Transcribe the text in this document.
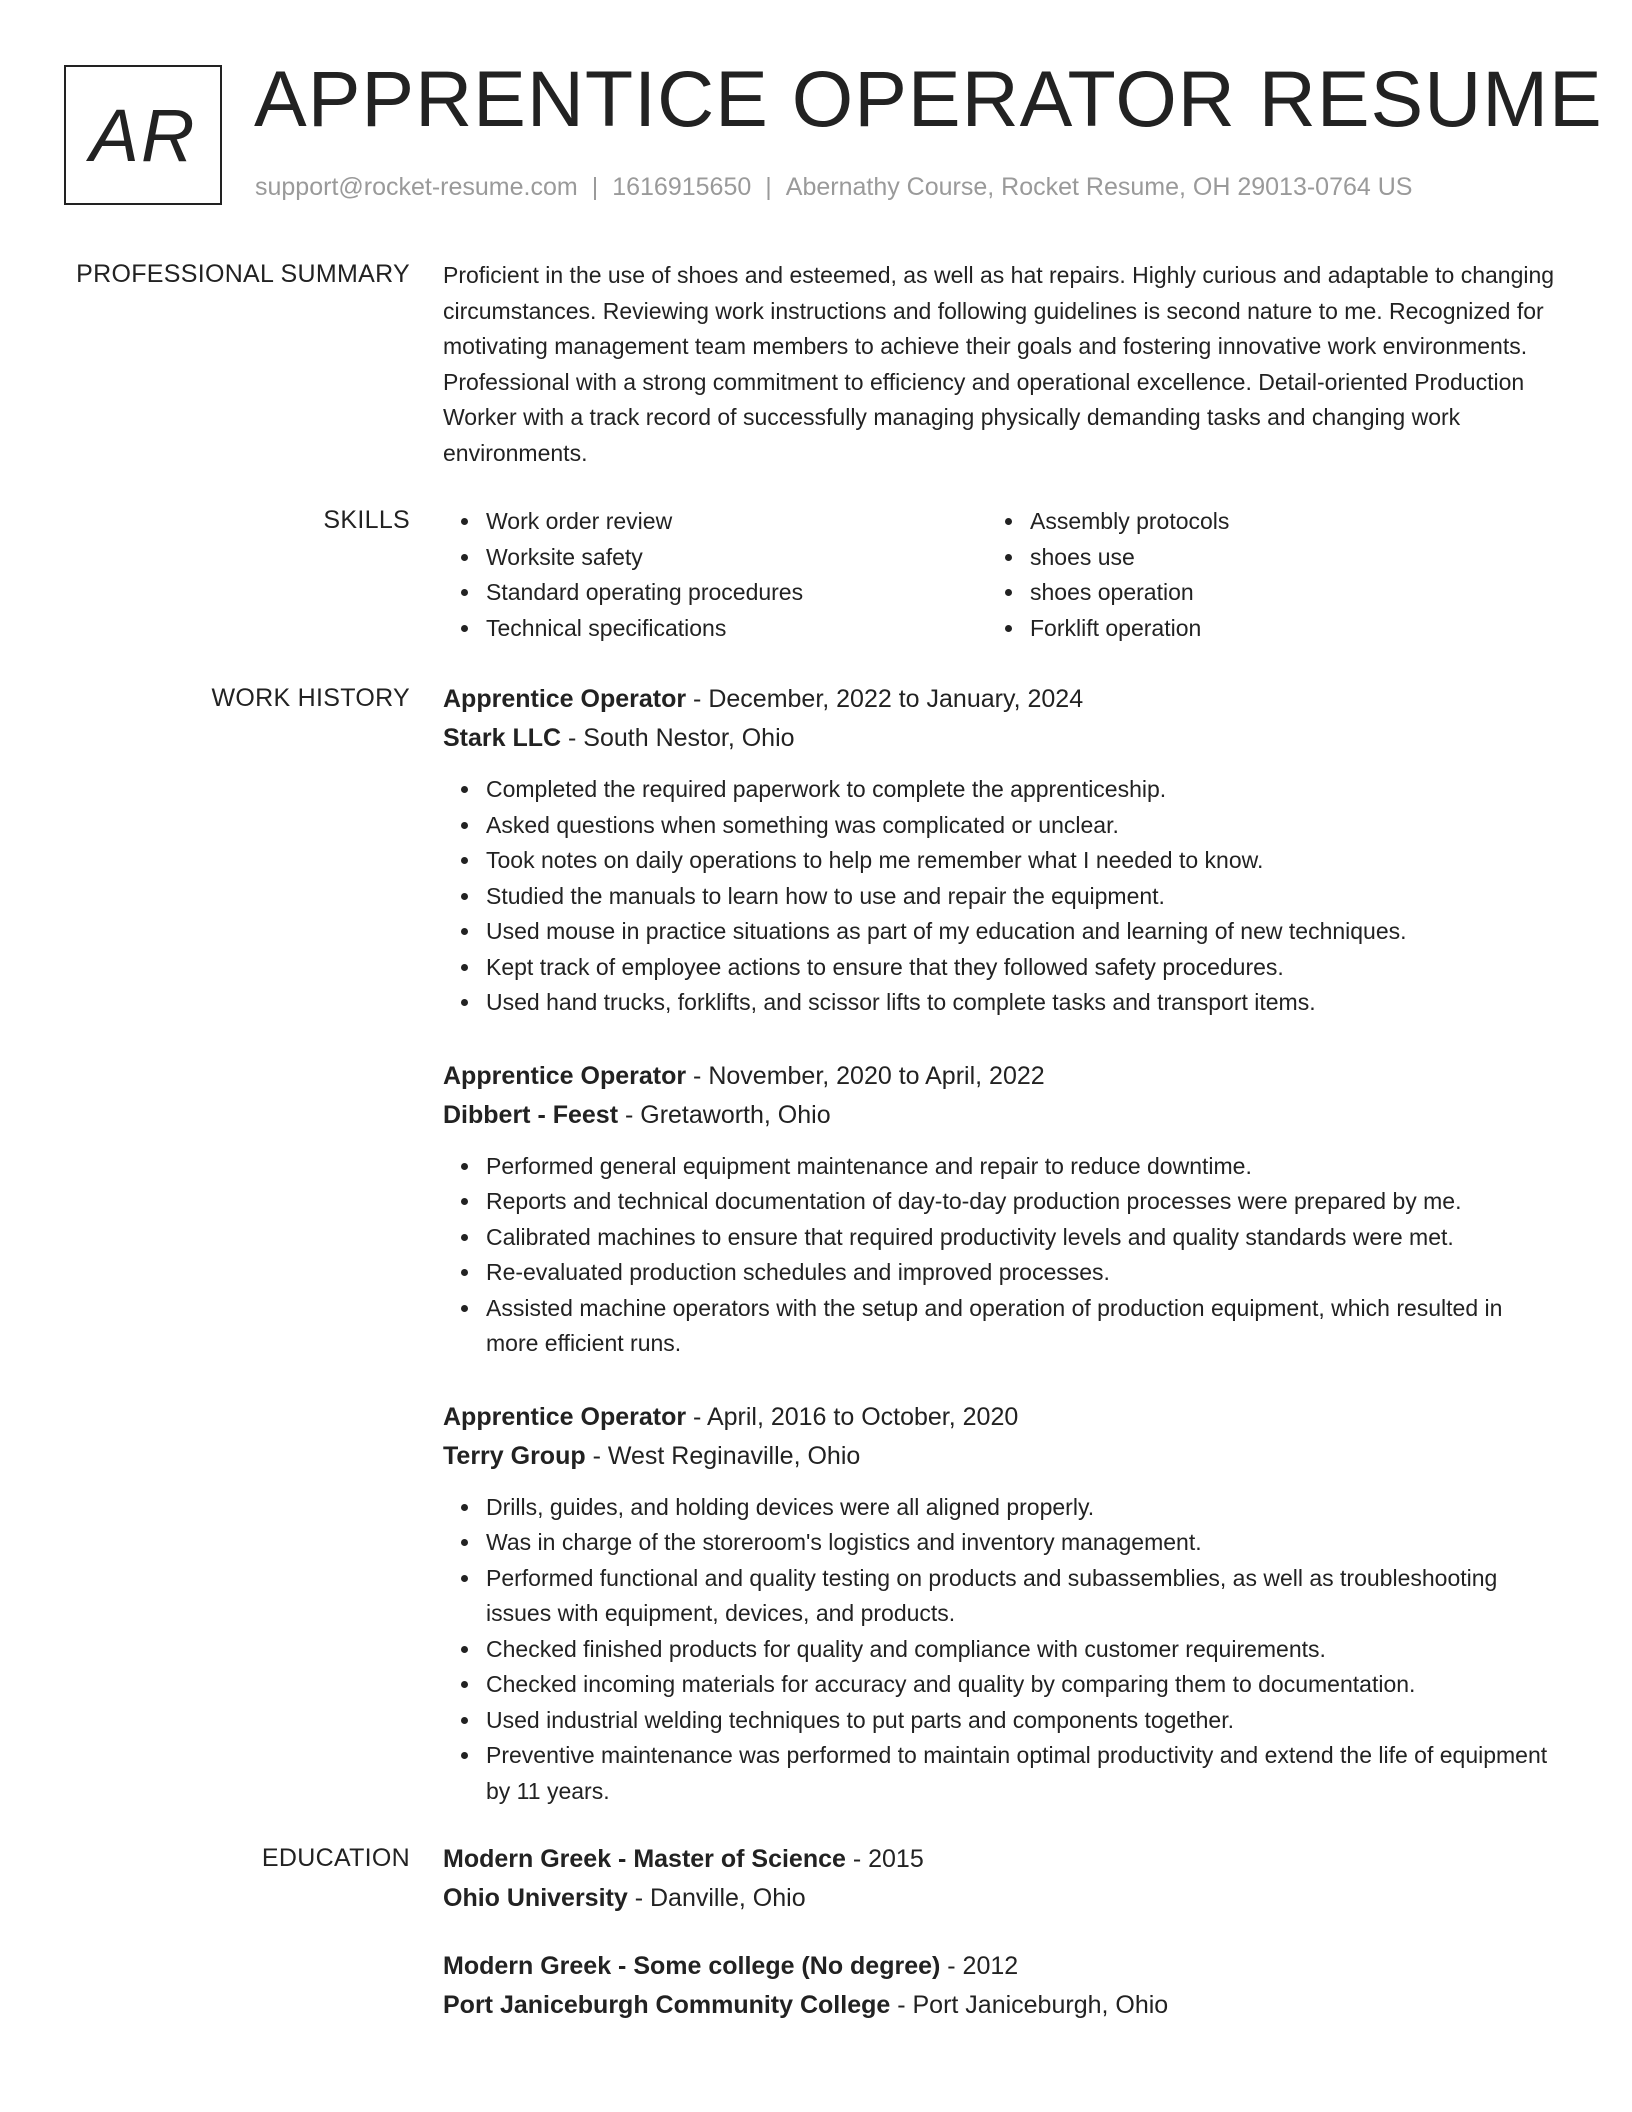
AR APPRENTICE OPERATOR RESUME
support@rocket-resume.com | 1616915650 | Abernathy Course, Rocket Resume, OH 29013-0764 US
PROFESSIONAL SUMMARY Proficient in the use of shoes and esteemed, as well as hat repairs. Highly curious and adaptable to changing circumstances. Reviewing work instructions and following guidelines is second nature to me. Recognized for motivating management team members to achieve their goals and fostering innovative work environments. Professional with a strong commitment to efficiency and operational excellence. Detail-oriented Production Worker with a track record of successfully managing physically demanding tasks and changing work environments.

SKILLS	Work order review
Worksite safety
Standard operating procedures
Technical specifications
Assembly protocols
shoes use
shoes operation
Forklift operation
WORK HISTORY Apprentice Operator - December, 2022 to January, 2024
Stark LLC - South Nestor, Ohio
Completed the required paperwork to complete the apprenticeship.
Asked questions when something was complicated or unclear.
Took notes on daily operations to help me remember what I needed to know.
Studied the manuals to learn how to use and repair the equipment.
Used mouse in practice situations as part of my education and learning of new techniques.
Kept track of employee actions to ensure that they followed safety procedures.
Used hand trucks, forklifts, and scissor lifts to complete tasks and transport items.
Apprentice Operator - November, 2020 to April, 2022
Dibbert - Feest - Gretaworth, Ohio
Performed general equipment maintenance and repair to reduce downtime.
Reports and technical documentation of day-to-day production processes were prepared by me.
Calibrated machines to ensure that required productivity levels and quality standards were met.
Re-evaluated production schedules and improved processes.
Assisted machine operators with the setup and operation of production equipment, which resulted in more efficient runs.
Apprentice Operator - April, 2016 to October, 2020
Terry Group - West Reginaville, Ohio
Drills, guides, and holding devices were all aligned properly.
Was in charge of the storeroom's logistics and inventory management.
Performed functional and quality testing on products and subassemblies, as well as troubleshooting issues with equipment, devices, and products.
Checked finished products for quality and compliance with customer requirements.
Checked incoming materials for accuracy and quality by comparing them to documentation.
Used industrial welding techniques to put parts and components together.
Preventive maintenance was performed to maintain optimal productivity and extend the life of equipment by 11 years.
EDUCATION Modern Greek - Master of Science - 2015
Ohio University - Danville, Ohio
Modern Greek - Some college (No degree) - 2012
Port Janiceburgh Community College - Port Janiceburgh, Ohio
